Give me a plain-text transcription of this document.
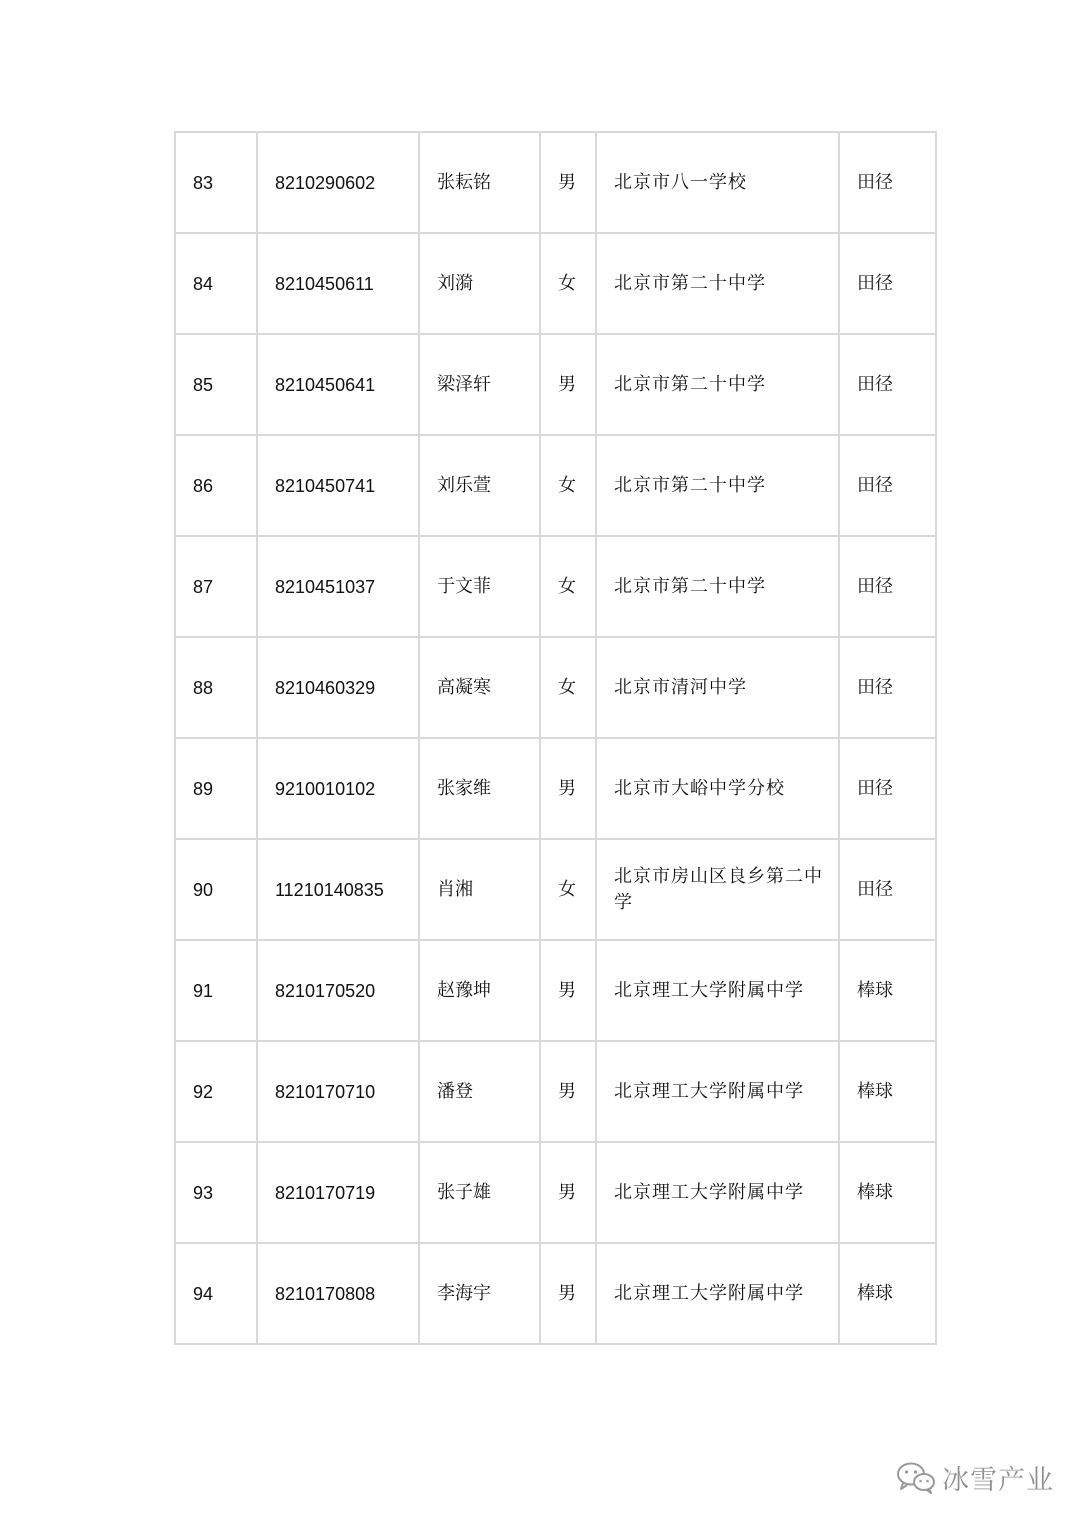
83	8210290602	张耘铭	男	北京市八一学校	田径
84	8210450611	刘漪	女	北京市第二十中学	田径
85	8210450641	梁泽轩	男	北京市第二十中学	田径
86	8210450741	刘乐萱	女	北京市第二十中学	田径
87	8210451037	于文菲	女	北京市第二十中学	田径
88	8210460329	高凝寒	女	北京市清河中学	田径
89	9210010102	张家维	男	北京市大峪中学分校	田径
90	11210140835	肖湘	女	北京市房山区良乡第二中学	田径
91	8210170520	赵豫坤	男	北京理工大学附属中学	棒球
92	8210170710	潘登	男	北京理工大学附属中学	棒球
93	8210170719	张子雄	男	北京理工大学附属中学	棒球
94	8210170808	李海宇	男	北京理工大学附属中学	棒球
冰雪产业
